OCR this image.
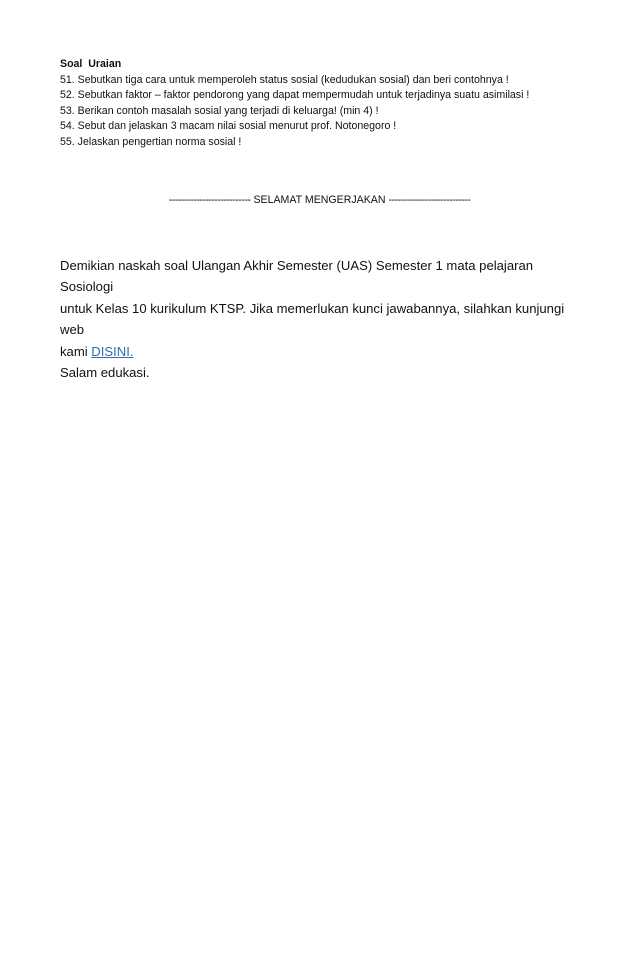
Soal  Uraian
51. Sebutkan tiga cara untuk memperoleh status sosial (kedudukan sosial) dan beri contohnya !
52. Sebutkan faktor – faktor pendorong yang dapat mempermudah untuk terjadinya suatu asimilasi !
53. Berikan contoh masalah sosial yang terjadi di keluarga! (min 4) !
54. Sebut dan jelaskan 3 macam nilai sosial menurut prof. Notonegoro !
55. Jelaskan pengertian norma sosial !
--------------------------- SELAMAT MENGERJAKAN ---------------------------

Demikian naskah soal Ulangan Akhir Semester (UAS) Semester 1 mata pelajaran Sosiologi

untuk Kelas 10 kurikulum KTSP. Jika memerlukan kunci jawabannya, silahkan kunjungi web

kami DISINI.

Salam edukasi.
